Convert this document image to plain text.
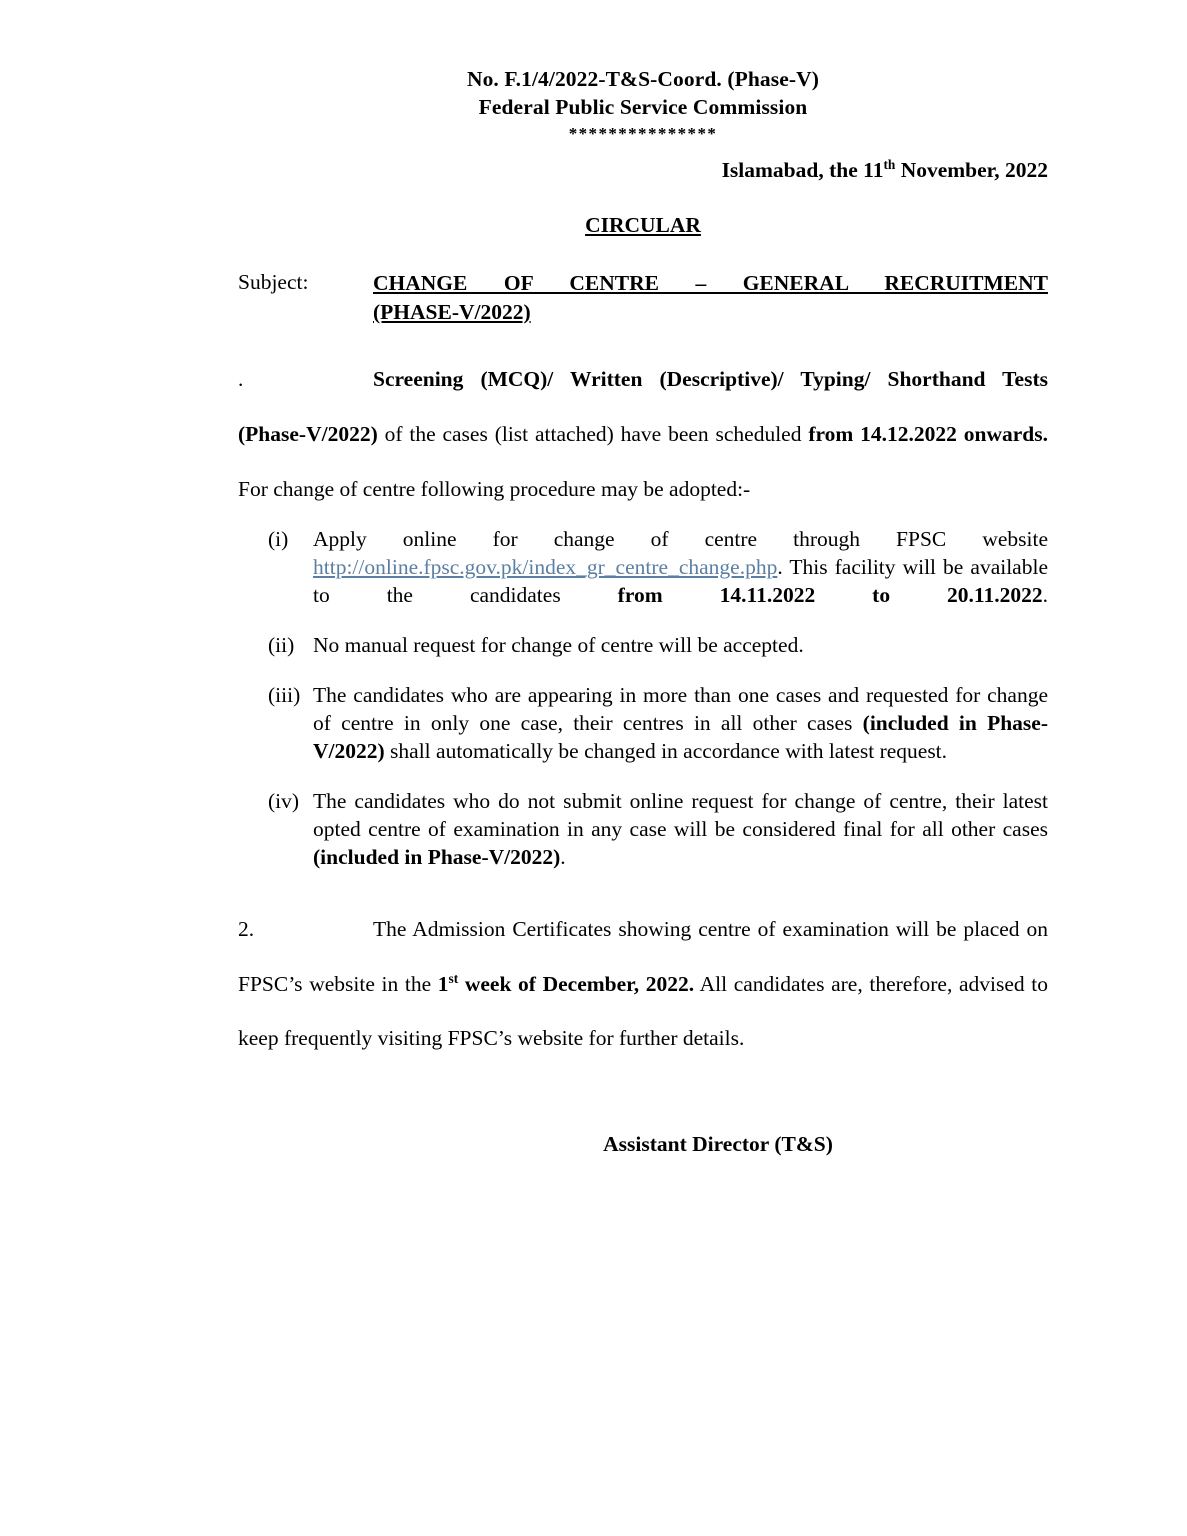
No. F.1/4/2022-T&S-Coord. (Phase-V)
Federal Public Service Commission
***************
Islamabad, the 11th November, 2022
CIRCULAR
Subject:	CHANGE OF CENTRE – GENERAL RECRUITMENT
(PHASE-V/2022)
.	Screening (MCQ)/ Written (Descriptive)/ Typing/ Shorthand Tests (Phase-V/2022) of the cases (list attached) have been scheduled from 14.12.2022 onwards. For change of centre following procedure may be adopted:-
(i)	Apply online for change of centre through FPSC website http://online.fpsc.gov.pk/index_gr_centre_change.php. This facility will be available to the candidates from 14.11.2022 to 20.11.2022.
(ii) No manual request for change of centre will be accepted.
(iii) The candidates who are appearing in more than one cases and requested for change of centre in only one case, their centres in all other cases (included in Phase-V/2022) shall automatically be changed in accordance with latest request.
(iv) The candidates who do not submit online request for change of centre, their latest opted centre of examination in any case will be considered final for all other cases (included in Phase-V/2022).
2.	The Admission Certificates showing centre of examination will be placed on FPSC’s website in the 1st week of December, 2022. All candidates are, therefore, advised to keep frequently visiting FPSC’s website for further details.
Assistant Director (T&S)
